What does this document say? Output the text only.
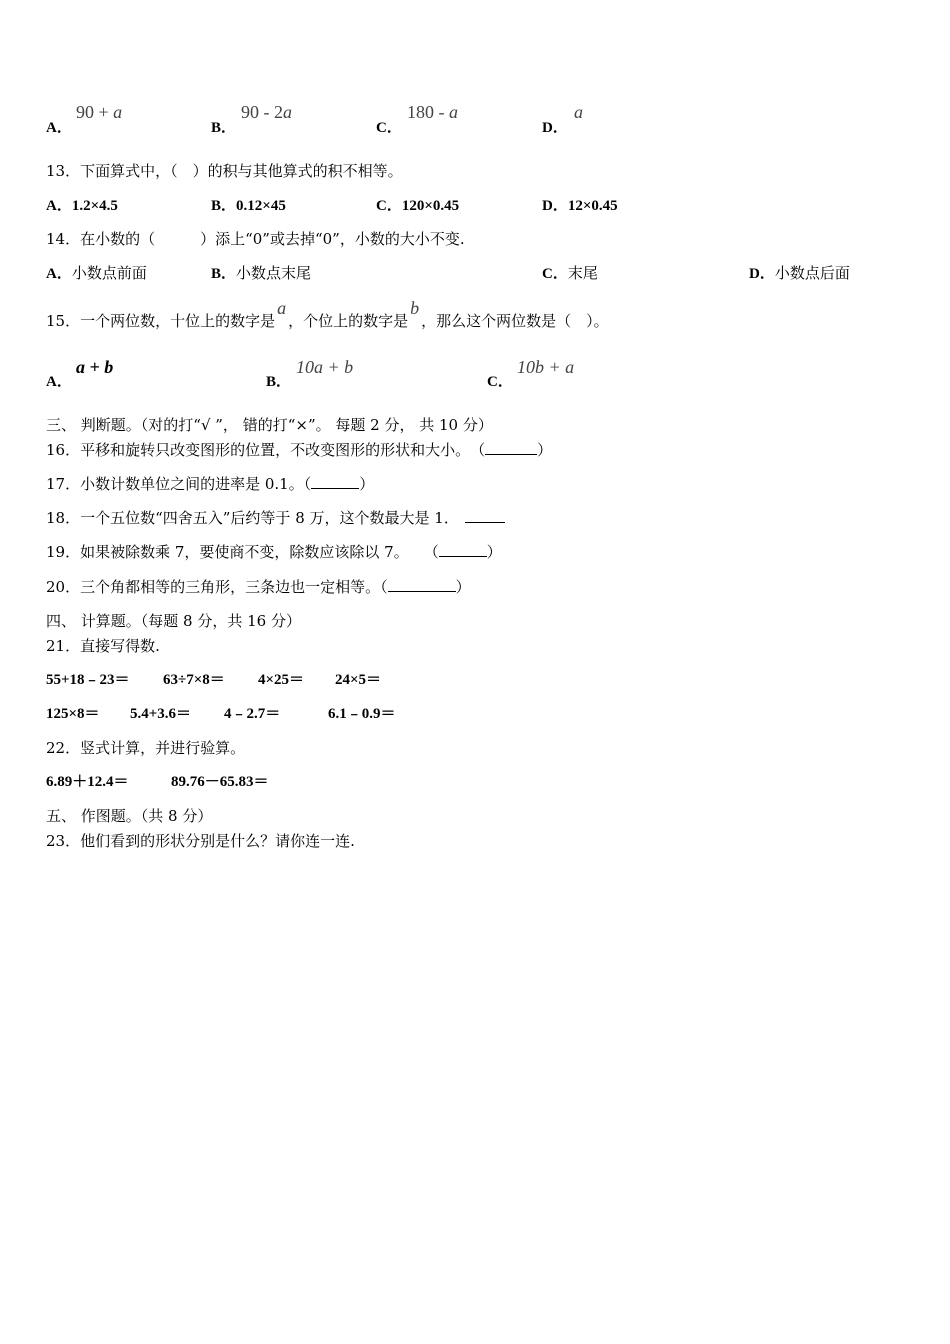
A．
90 + a
B．
90 - 2a
C．
180 - a
D．
a
13．下面算式中，（　）的积与其他算式的积不相等。
A．1.2×4.5	B．0.12×45	C．120×0.45	D．12×0.45
14．在小数的（　　　）添上“0”或去掉“0”，小数的大小不变.
A．小数点前面	B．小数点末尾	C．末尾	D．小数点后面
15．一个两位数，十位上的数字是a，个位上的数字是b，那么这个两位数是（　）。
A．
a + b
B．
10a + b
C．
10b + a
三、 判断题。（对的打“√ ”， 错的打“×”。 每题 2 分， 共 10 分）
16．平移和旋转只改变图形的位置，不改变图形的形状和大小。　（	）
17．小数计数单位之间的进率是 0.1。（	）
18．一个五位数“四舍五入”后约等于 8 万，这个数最大是 1．
19．如果被除数乘 7，要使商不变，除数应该除以 7。　　（	）
20．三个角都相等的三角形，三条边也一定相等。（	）
四、 计算题。（每题 8 分，共 16 分）
21．直接写得数.
55+18﹣23＝ 63÷7×8＝ 4×25＝ 24×5＝
125×8＝ 5.4+3.6＝ 4﹣2.7＝	6.1﹣0.9＝
22．竖式计算，并进行验算。
6.89＋12.4＝	89.76－65.83＝
五、 作图题。（共 8 分）
23．他们看到的形状分别是什么？请你连一连.
